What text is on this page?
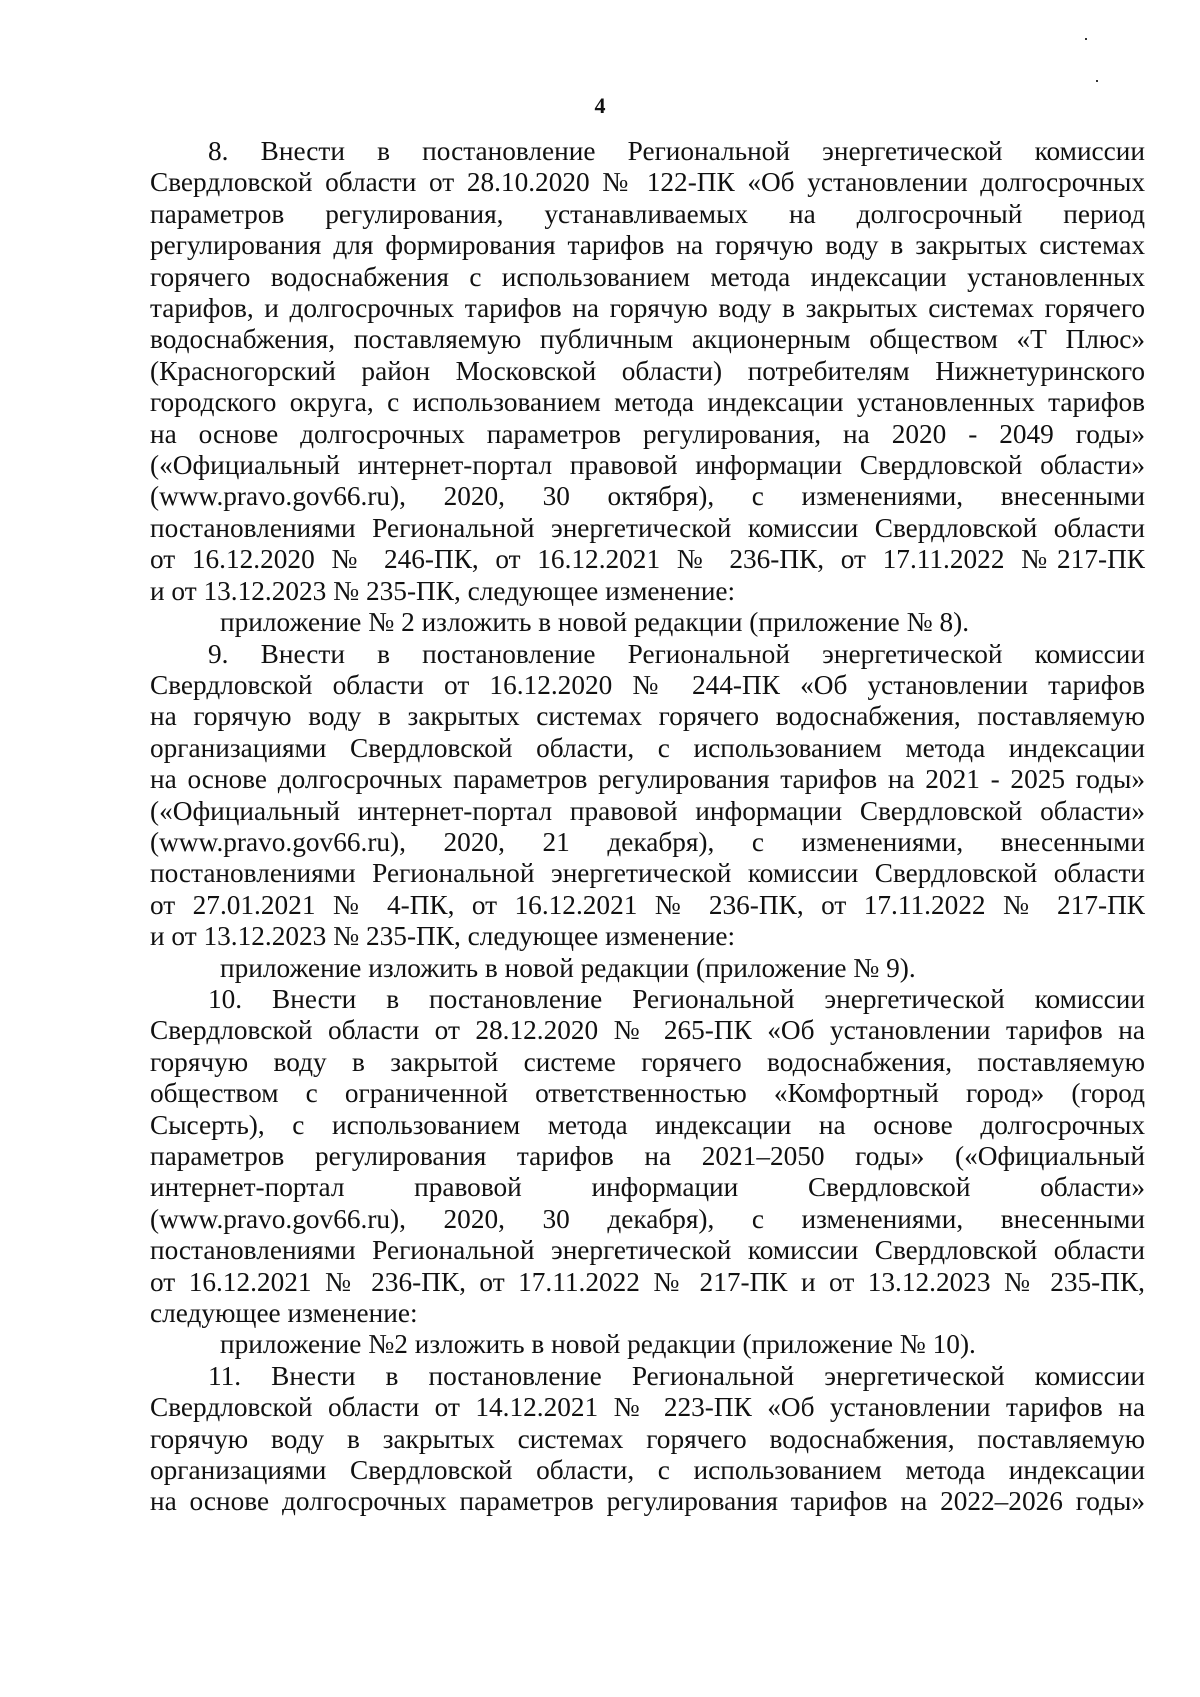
4
8. Внести в постановление Региональной энергетической комиссии
Свердловской области от 28.10.2020 № 122-ПК «Об установлении долгосрочных
параметров регулирования, устанавливаемых на долгосрочный период
регулирования для формирования тарифов на горячую воду в закрытых системах
горячего водоснабжения с использованием метода индексации установленных
тарифов, и долгосрочных тарифов на горячую воду в закрытых системах горячего
водоснабжения, поставляемую публичным акционерным обществом «Т Плюс»
(Красногорский район Московской области) потребителям Нижнетуринского
городского округа, с использованием метода индексации установленных тарифов
на основе долгосрочных параметров регулирования, на 2020 - 2049 годы»
(«Официальный интернет-портал правовой информации Свердловской области»
(www.pravo.gov66.ru), 2020, 30 октября), с изменениями, внесенными
постановлениями Региональной энергетической комиссии Свердловской области
от 16.12.2020 № 246-ПК, от 16.12.2021 № 236-ПК, от 17.11.2022 №217-ПК
и от 13.12.2023 № 235-ПК, следующее изменение:
приложение № 2 изложить в новой редакции (приложение № 8).
9. Внести в постановление Региональной энергетической комиссии
Свердловской области от 16.12.2020 № 244-ПК «Об установлении тарифов
на горячую воду в закрытых системах горячего водоснабжения, поставляемую
организациями Свердловской области, с использованием метода индексации
на основе долгосрочных параметров регулирования тарифов на 2021 - 2025 годы»
(«Официальный интернет-портал правовой информации Свердловской области»
(www.pravo.gov66.ru), 2020, 21 декабря), с изменениями, внесенными
постановлениями Региональной энергетической комиссии Свердловской области
от 27.01.2021 № 4-ПК, от 16.12.2021 № 236-ПК, от 17.11.2022 № 217-ПК
и от 13.12.2023 № 235-ПК, следующее изменение:
приложение изложить в новой редакции (приложение № 9).
10. Внести в постановление Региональной энергетической комиссии
Свердловской области от 28.12.2020 № 265-ПК «Об установлении тарифов на
горячую воду в закрытой системе горячего водоснабжения, поставляемую
обществом с ограниченной ответственностью «Комфортный город» (город
Сысерть), с использованием метода индексации на основе долгосрочных
параметров регулирования тарифов на 2021–2050 годы» («Официальный
интернет-портал правовой информации Свердловской области»
(www.pravo.gov66.ru), 2020, 30 декабря), с изменениями, внесенными
постановлениями Региональной энергетической комиссии Свердловской области
от 16.12.2021 № 236-ПК, от 17.11.2022 № 217-ПК и от 13.12.2023 № 235-ПК,
следующее изменение:
приложение №2 изложить в новой редакции (приложение № 10).
11. Внести в постановление Региональной энергетической комиссии
Свердловской области от 14.12.2021 № 223-ПК «Об установлении тарифов на
горячую воду в закрытых системах горячего водоснабжения, поставляемую
организациями Свердловской области, с использованием метода индексации
на основе долгосрочных параметров регулирования тарифов на 2022–2026 годы»
